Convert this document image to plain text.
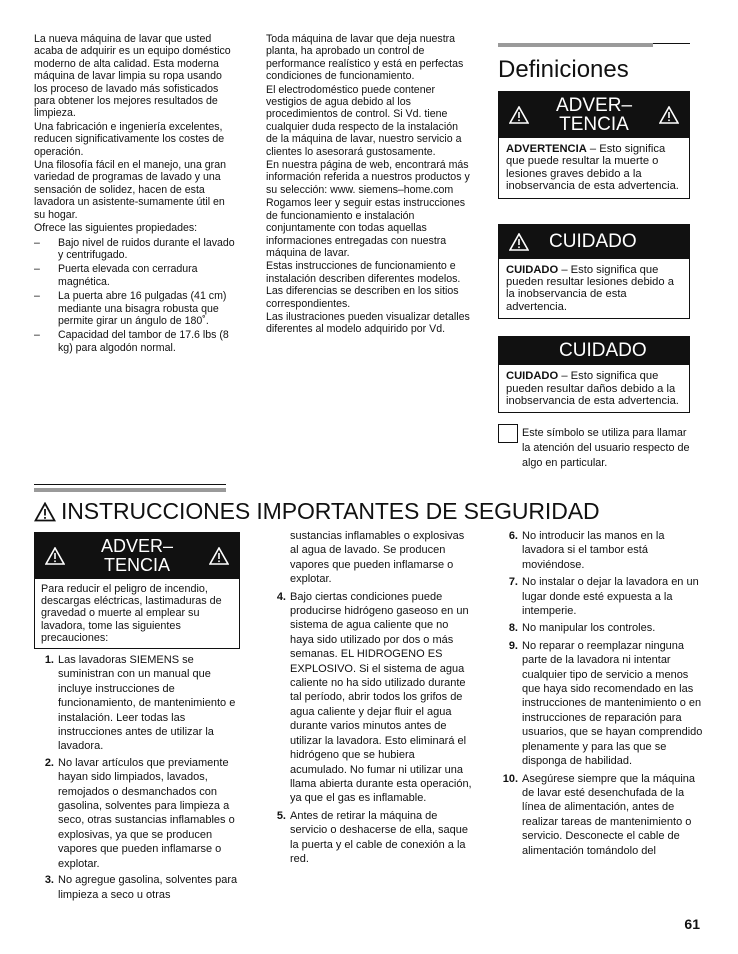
La nueva máquina de lavar que usted acaba de adquirir es un equipo doméstico moderno de alta calidad. Esta moderna máquina de lavar limpia su ropa usando los proceso de lavado más sofisticados para obtener los mejores resultados de limpieza.
Una fabricación e ingeniería excelentes, reducen significativamente los costes de operación.
Una filosofía fácil en el manejo, una gran variedad de programas de lavado y una sensación de solidez, hacen de esta lavadora un asistente‑sumamente útil en su hogar.
Ofrece las siguientes propiedades:
–	Bajo nivel de ruidos durante el lavado y centrifugado.
–	Puerta elevada con cerradura magnética.
–	La puerta abre 16 pulgadas (41 cm) mediante una bisagra robusta que permite girar un ángulo de 180˚.
–	Capacidad del tambor de 17.6 lbs (8 kg) para algodón normal.
Toda máquina de lavar que deja nuestra planta, ha aprobado un control de performance realístico y está en perfectas condiciones de funcionamiento.
El electrodoméstico puede contener vestigios de agua debido al los procedimientos de control. Si Vd. tiene cualquier duda respecto de la instalación de la máquina de lavar, nuestro servicio a clientes lo asesorará gustosamente.
En nuestra página de web, encontrará más información referida a nuestros productos y su selección: www. siemens–home.com
Rogamos leer y seguir estas instrucciones de funcionamiento e instalación conjuntamente con todas aquellas informaciones entregadas con nuestra máquina de lavar.
Estas instrucciones de funcionamiento e instalación describen diferentes modelos. Las diferencias se describen en los sitios correspondientes.
Las ilustraciones pueden visualizar detalles diferentes al modelo adquirido por Vd.
Definiciones
ADVER–
TENCIA
ADVERTENCIA – Esto significa que puede resultar la muerte o lesiones graves debido a la inobservancia de esta advertencia.
CUIDADO
CUIDADO – Esto significa que pueden resultar lesiones debido a la inobservancia de esta advertencia.
CUIDADO
CUIDADO – Esto significa que pueden resultar daños debido a la inobservancia de esta advertencia.
Este símbolo se utiliza para llamar la atención del usuario respecto de algo en particular.
INSTRUCCIONES IMPORTANTES DE SEGURIDAD
ADVER–
TENCIA
Para reducir el peligro de incendio, descargas eléctricas, lastimaduras de gravedad o muerte al emplear su lavadora, tome las siguientes precauciones:
1. Las lavadoras SIEMENS se suministran con un manual que incluye instrucciones de funcionamiento, de mantenimiento e instalación. Leer todas las instrucciones antes de utilizar la lavadora.
2. No lavar artículos que previamente hayan sido limpiados, lavados, remojados o desmanchados con gasolina, solventes para limpieza a seco, otras sustancias inflamables o explosivas, ya que se producen vapores que pueden inflamarse o explotar.
3. No agregue gasolina, solventes para limpieza a seco u otras
sustancias inflamables o explosivas al agua de lavado. Se producen vapores que pueden inflamarse o explotar.
4. Bajo ciertas condiciones puede producirse hidrógeno gaseoso en un sistema de agua caliente que no haya sido utilizado por dos o más semanas. EL HIDROGENO ES EXPLOSIVO. Si el sistema de agua caliente no ha sido utilizado durante tal período, abrir todos los grifos de agua caliente y dejar fluir el agua durante varios minutos antes de utilizar la lavadora. Esto eliminará el hidrógeno que se hubiera acumulado. No fumar ni utilizar una llama abierta durante esta operación, ya que el gas es inflamable.
5. Antes de retirar la máquina de servicio o deshacerse de ella, saque la puerta y el cable de conexión a la red.
6. No introducir las manos en la lavadora si el tambor está moviéndose.
7. No instalar o dejar la lavadora en un lugar donde esté expuesta a la intemperie.
8. No manipular los controles.
9. No reparar o reemplazar ninguna parte de la lavadora ni intentar cualquier tipo de servicio a menos que haya sido recomendado en las instrucciones de mantenimiento o en instrucciones de reparación para usuarios, que se hayan comprendido plenamente y para las que se disponga de habilidad.
10. Asegúrese siempre que la máquina de lavar esté desenchufada de la línea de alimentación, antes de realizar tareas de mantenimiento o servicio. Desconecte el cable de alimentación tomándolo del
61
